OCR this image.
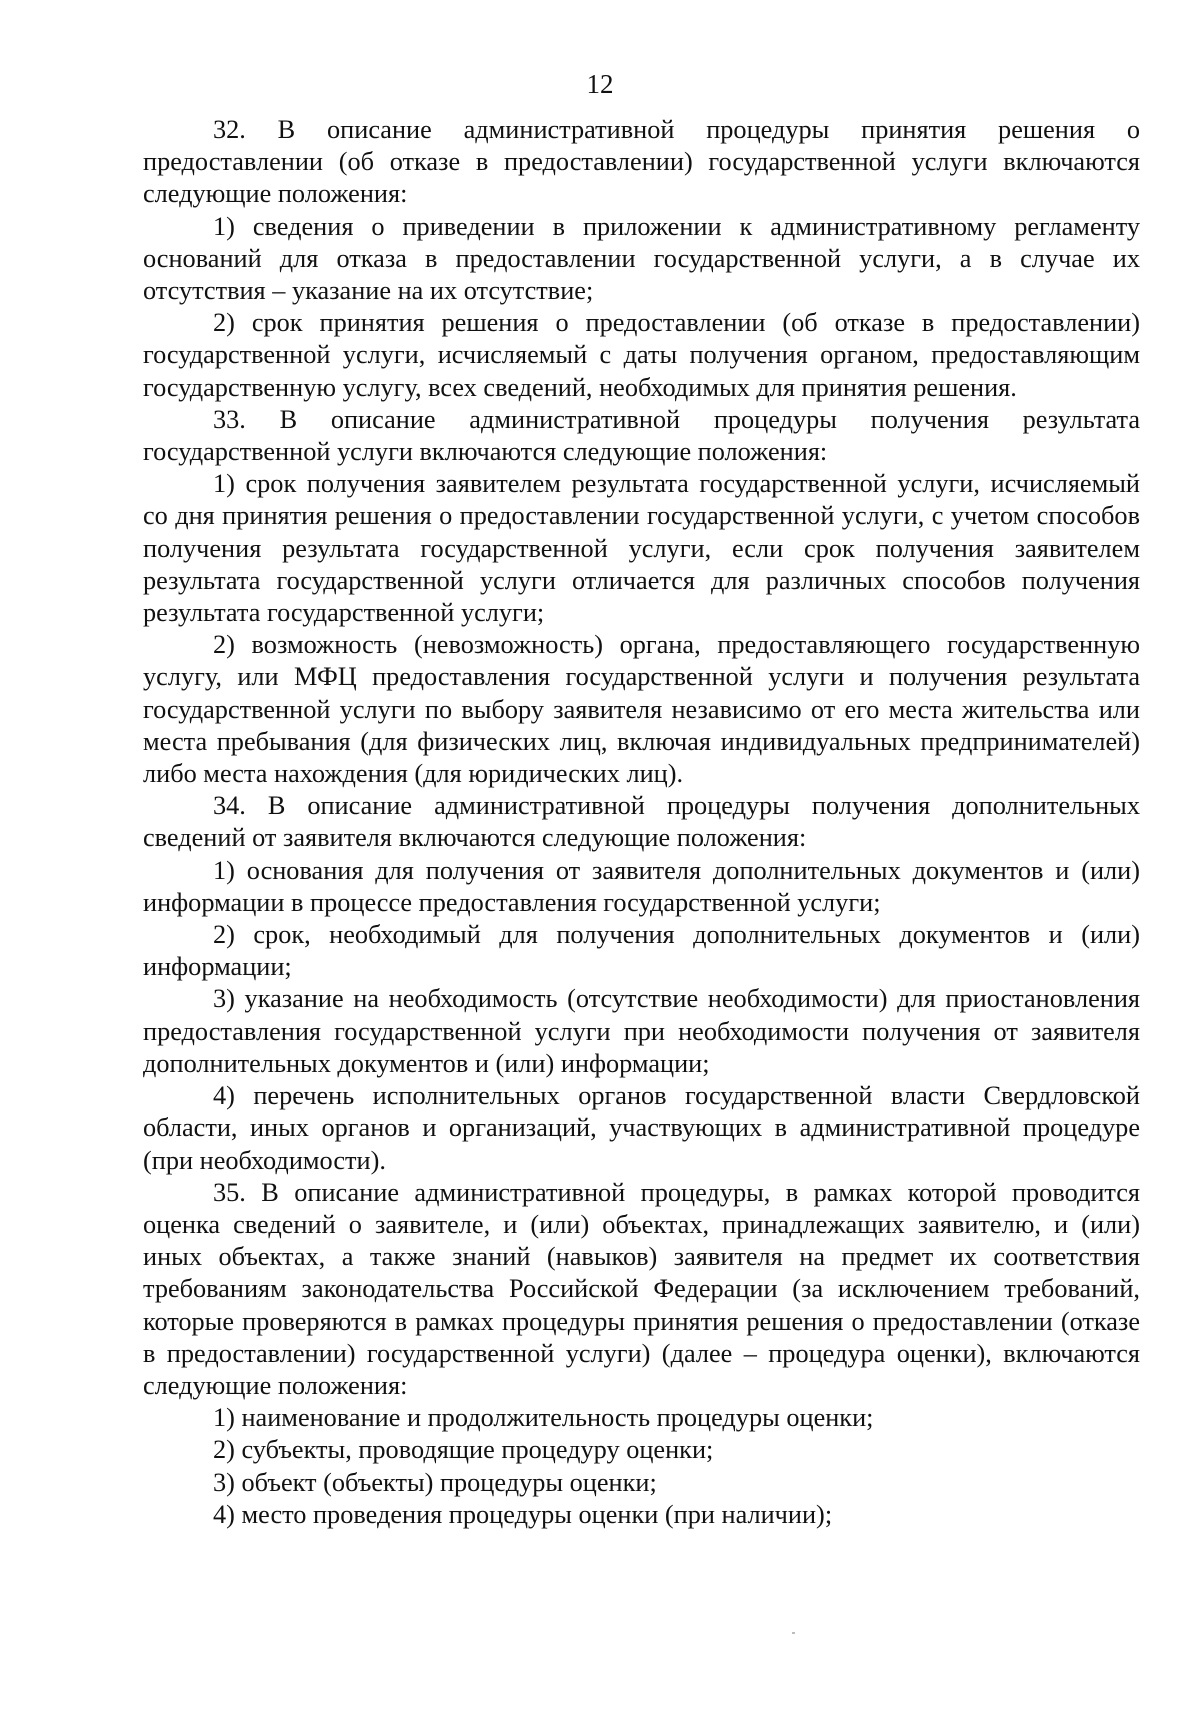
12

32. В описание административной процедуры принятия решения о предоставлении (об отказе в предоставлении) государственной услуги включаются следующие положения:

1) сведения о приведении в приложении к административному регламенту оснований для отказа в предоставлении государственной услуги, а в случае их отсутствия – указание на их отсутствие;

2) срок принятия решения о предоставлении (об отказе в предоставлении) государственной услуги, исчисляемый с даты получения органом, предоставляющим государственную услугу, всех сведений, необходимых для принятия решения.

33. В описание административной процедуры получения результата государственной услуги включаются следующие положения:

1) срок получения заявителем результата государственной услуги, исчисляемый со дня принятия решения о предоставлении государственной услуги, с учетом способов получения результата государственной услуги, если срок получения заявителем результата государственной услуги отличается для различных способов получения результата государственной услуги;

2) возможность (невозможность) органа, предоставляющего государственную услугу, или МФЦ предоставления государственной услуги и получения результата государственной услуги по выбору заявителя независимо от его места жительства или места пребывания (для физических лиц, включая индивидуальных предпринимателей) либо места нахождения (для юридических лиц).

34. В описание административной процедуры получения дополнительных сведений от заявителя включаются следующие положения:

1) основания для получения от заявителя дополнительных документов и (или) информации в процессе предоставления государственной услуги;

2) срок, необходимый для получения дополнительных документов и (или) информации;

3) указание на необходимость (отсутствие необходимости) для приостановления предоставления государственной услуги при необходимости получения от заявителя дополнительных документов и (или) информации;

4) перечень исполнительных органов государственной власти Свердловской области, иных органов и организаций, участвующих в административной процедуре (при необходимости).

35. В описание административной процедуры, в рамках которой проводится оценка сведений о заявителе, и (или) объектах, принадлежащих заявителю, и (или) иных объектах, а также знаний (навыков) заявителя на предмет их соответствия требованиям законодательства Российской Федерации (за исключением требований, которые проверяются в рамках процедуры принятия решения о предоставлении (отказе в предоставлении) государственной услуги) (далее – процедура оценки), включаются следующие положения:

1) наименование и продолжительность процедуры оценки;

2) субъекты, проводящие процедуру оценки;

3) объект (объекты) процедуры оценки;

4) место проведения процедуры оценки (при наличии);
